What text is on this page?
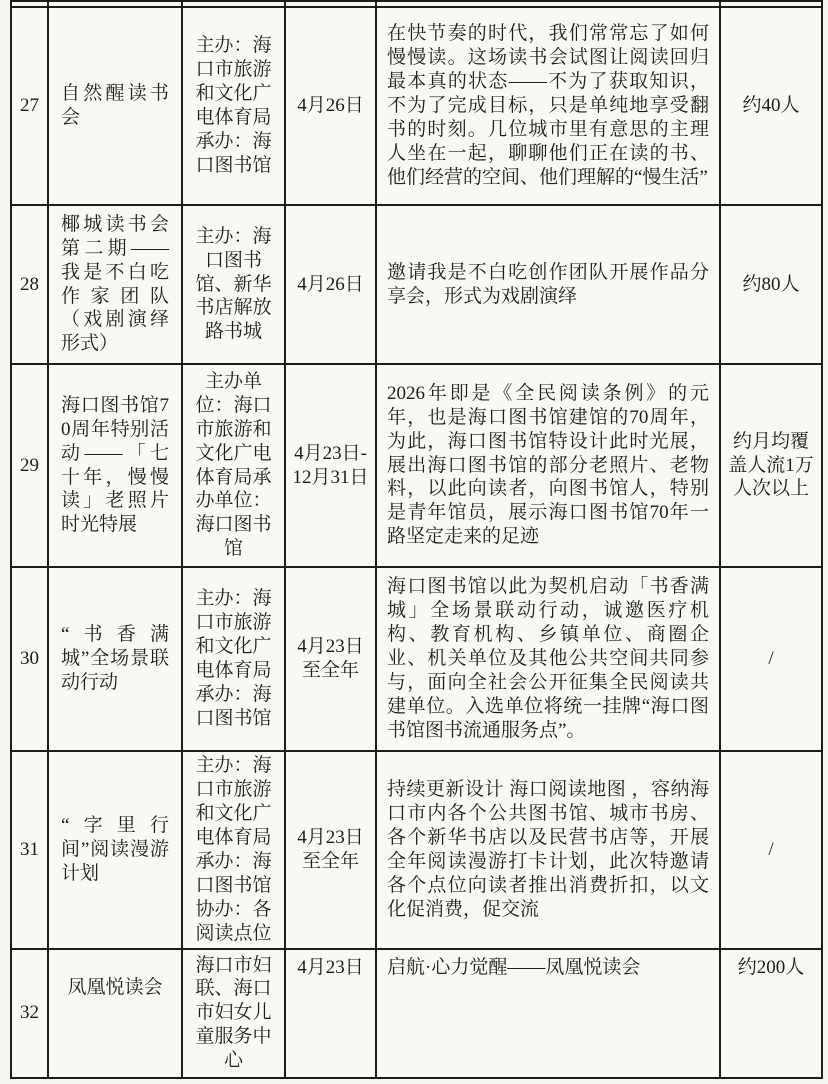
27	自然醒读书会	主办：海口市旅游和文化广电体育局承办：海口图书馆	4月26日	在快节奏的时代，我们常常忘了如何慢慢读。这场读书会试图让阅读回归最本真的状态——不为了获取知识，不为了完成目标，只是单纯地享受翻书的时刻。几位城市里有意思的主理人坐在一起，聊聊他们正在读的书、他们经营的空间、他们理解的“慢生活”	约40人
28	椰城读书会第二期——我是不白吃作家团队（戏剧演绎形式）	主办：海口图书馆、新华书店解放路书城	4月26日	邀请我是不白吃创作团队开展作品分享会，形式为戏剧演绎	约80人
29	海口图书馆70周年特别活动——「七十年，慢慢读」老照片时光特展	主办单位：海口市旅游和文化广电体育局承办单位：海口图书馆	4月23日-12月31日	2026年即是《全民阅读条例》的元年，也是海口图书馆建馆的70周年，为此，海口图书馆特设计此时光展，展出海口图书馆的部分老照片、老物料，以此向读者，向图书馆人，特别是青年馆员，展示海口图书馆70年一路坚定走来的足迹	约月均覆盖人流1万人次以上
30	“书香满城”全场景联动行动	主办：海口市旅游和文化广电体育局承办：海口图书馆	4月23日至全年	海口图书馆以此为契机启动「书香满城」全场景联动行动，诚邀医疗机构、教育机构、乡镇单位、商圈企业、机关单位及其他公共空间共同参与，面向全社会公开征集全民阅读共建单位。入选单位将统一挂牌“海口图书馆图书流通服务点”。	/
31	“字里行间”阅读漫游计划	主办：海口市旅游和文化广电体育局承办：海口图书馆协办：各阅读点位	4月23日至全年	持续更新设计 海口阅读地图 ，容纳海口市内各个公共图书馆、城市书房、各个新华书店以及民营书店等，开展全年阅读漫游打卡计划，此次特邀请各个点位向读者推出消费折扣，以文化促消费，促交流	/
32	凤凰悦读会	海口市妇联、海口市妇女儿童服务中心	4月23日	启航·心力觉醒——凤凰悦读会	约200人
